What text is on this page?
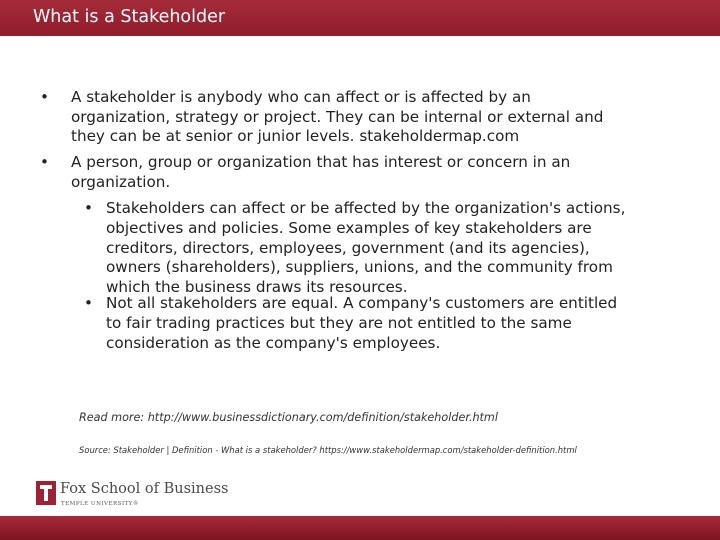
What is a Stakeholder
• A stakeholder is anybody who can affect or is affected by an
organization, strategy or project. They can be internal or external and
they can be at senior or junior levels. stakeholdermap.com
• A person, group or organization that has interest or concern in an
organization.
• Stakeholders can affect or be affected by the organization's actions,
objectives and policies. Some examples of key stakeholders are
creditors, directors, employees, government (and its agencies),
owners (shareholders), suppliers, unions, and the community from
which the business draws its resources.
• Not all stakeholders are equal. A company's customers are entitled
to fair trading practices but they are not entitled to the same
consideration as the company's employees.
Read more: http://www.businessdictionary.com/definition/stakeholder.html
Source: Stakeholder | Definition - What is a stakeholder? https://www.stakeholdermap.com/stakeholder-definition.html
Fox School of Business
TEMPLE UNIVERSITY®
